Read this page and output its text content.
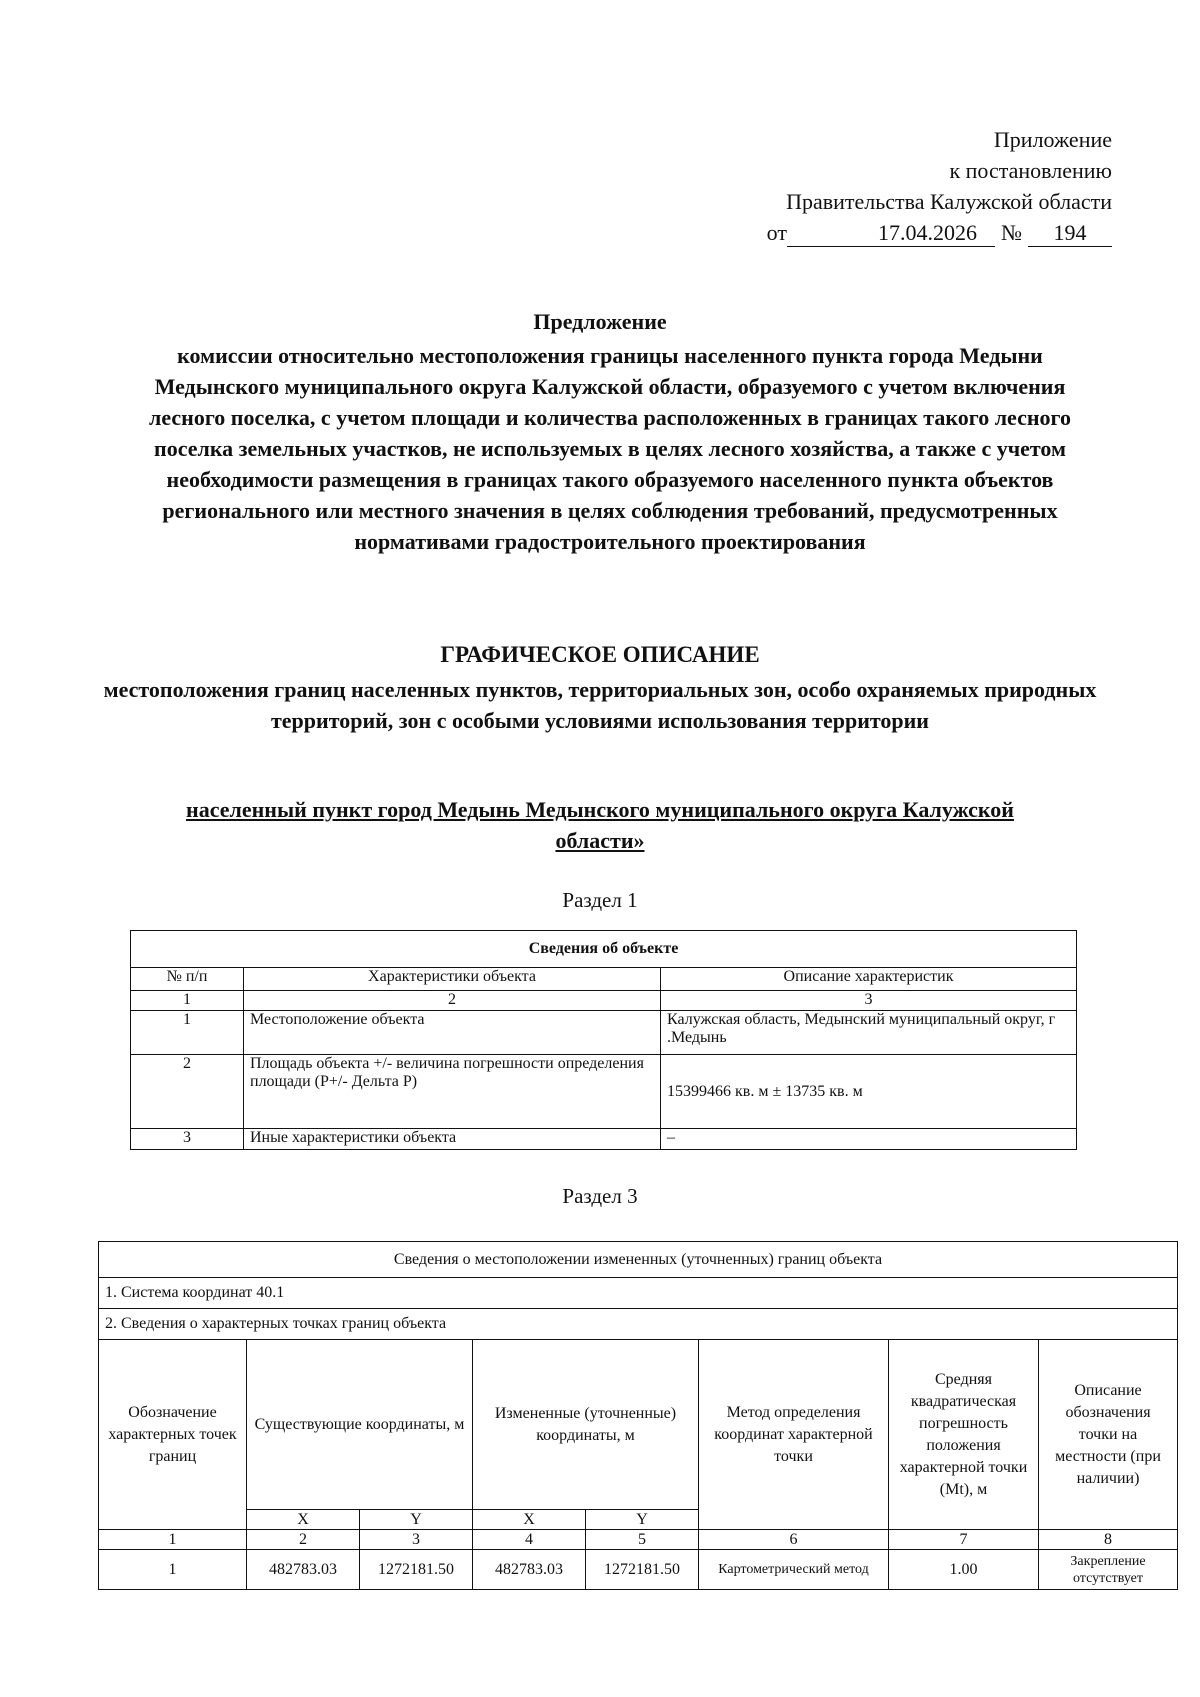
Приложение
к постановлению
Правительства Калужской области
от	17.04.2026	№	194
Предложение
комиссии относительно местоположения границы населенного пункта города Медыни Медынского муниципального округа Калужской области, образуемого с учетом включения лесного поселка, с учетом площади и количества расположенных в границах такого лесного поселка земельных участков, не используемых в целях лесного хозяйства, а также с учетом необходимости размещения в границах такого образуемого населенного пункта объектов регионального или местного значения в целях соблюдения требований, предусмотренных нормативами градостроительного проектирования
ГРАФИЧЕСКОЕ ОПИСАНИЕ
местоположения границ населенных пунктов, территориальных зон, особо охраняемых природных территорий, зон с особыми условиями использования территории
населенный пункт город Медынь Медынского муниципального округа Калужской области»
Раздел 1
Сведения об объекте		
№ п/п	Характеристики объекта	Описание характеристик
1	2	3
1	Местоположение объекта	Калужская область, Медынский муниципальный округ, г .Медынь
2	Площадь объекта +/- величина погрешности определения площади (Р+/- Дельта Р)	15399466 кв. м ± 13735 кв. м
3	Иные характеристики объекта	–
Раздел 3
Сведения о местоположении измененных (уточненных) границ объекта							
1. Система координат 40.1							
2. Сведения о характерных точках границ объекта							
Обозначение характерных точек границ	Существующие координаты, м		Измененные (уточненные) координаты, м		Метод определения координат характерной точки	Средняя квадратическая погрешность положения характерной точки (Mt), м	Описание обозначения точки на местности (при наличии)
	X	Y	X	Y			
1	2	3	4	5	6	7	8
1	482783.03	1272181.50	482783.03	1272181.50	Картометрический метод	1.00	Закрепление отсутствует
